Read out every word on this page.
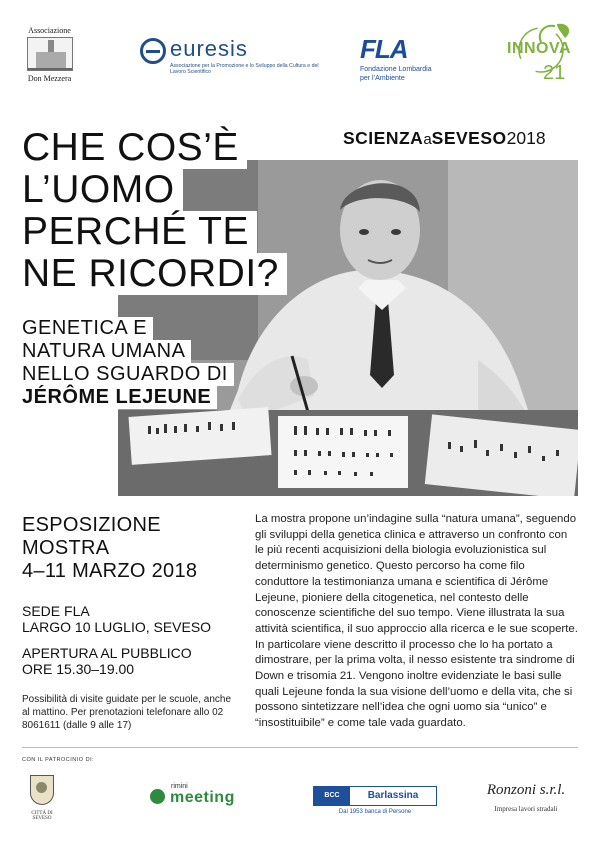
Associazione
Don Mezzera
euresis
Associazione per la Promozione e lo Sviluppo della Cultura e del Lavoro Scientifico
FLA
Fondazione Lombardia
per l’Ambiente
INNOVA
21
CHE COS’È
L’UOMO
PERCHÉ TE
NE RICORDI?
GENETICA E
NATURA UMANA
NELLO SGUARDO DI
JÉRÔME LEJEUNE
SCIENZAaSEVESO2018
ESPOSIZIONE
MOSTRA
4–11 MARZO 2018
SEDE FLA
LARGO 10 LUGLIO, SEVESO
APERTURA AL PUBBLICO
ORE 15.30–19.00
Possibilità di visite guidate per le scuole, anche al mattino. Per prenotazioni telefonare allo 02 8061611 (dalle 9 alle 17)
La mostra propone un’indagine sulla “natura umana”, seguendo gli sviluppi della genetica clinica e attraverso un confronto con le più recenti acquisizioni della biologia evoluzionistica sul determinismo genetico. Questo percorso ha come filo conduttore la testimonianza umana e scientifica di Jérôme Lejeune, pioniere della citogenetica, nel contesto delle conoscenze scientifiche del suo tempo. Viene illustrata la sua attività scientifica, il suo approccio alla ricerca e le sue scoperte. In particolare viene descritto il processo che lo ha portato a dimostrare, per la prima volta, il nesso esistente tra sindrome di Down e trisomia 21. Vengono inoltre evidenziate le basi sulle quali Lejeune fonda la sua visione dell’uomo e della vita, che si possono sintetizzare nell’idea che ogni uomo sia “unico” e “insostituibile” e come tale vada guardato.
CON IL PATROCINIO DI:
CITTÀ DI SEVESO
rimini
meeting	BCC	Barlassina
Dal 1953 banca di Persone
Ronzoni s.r.l.
Impresa lavori stradali
